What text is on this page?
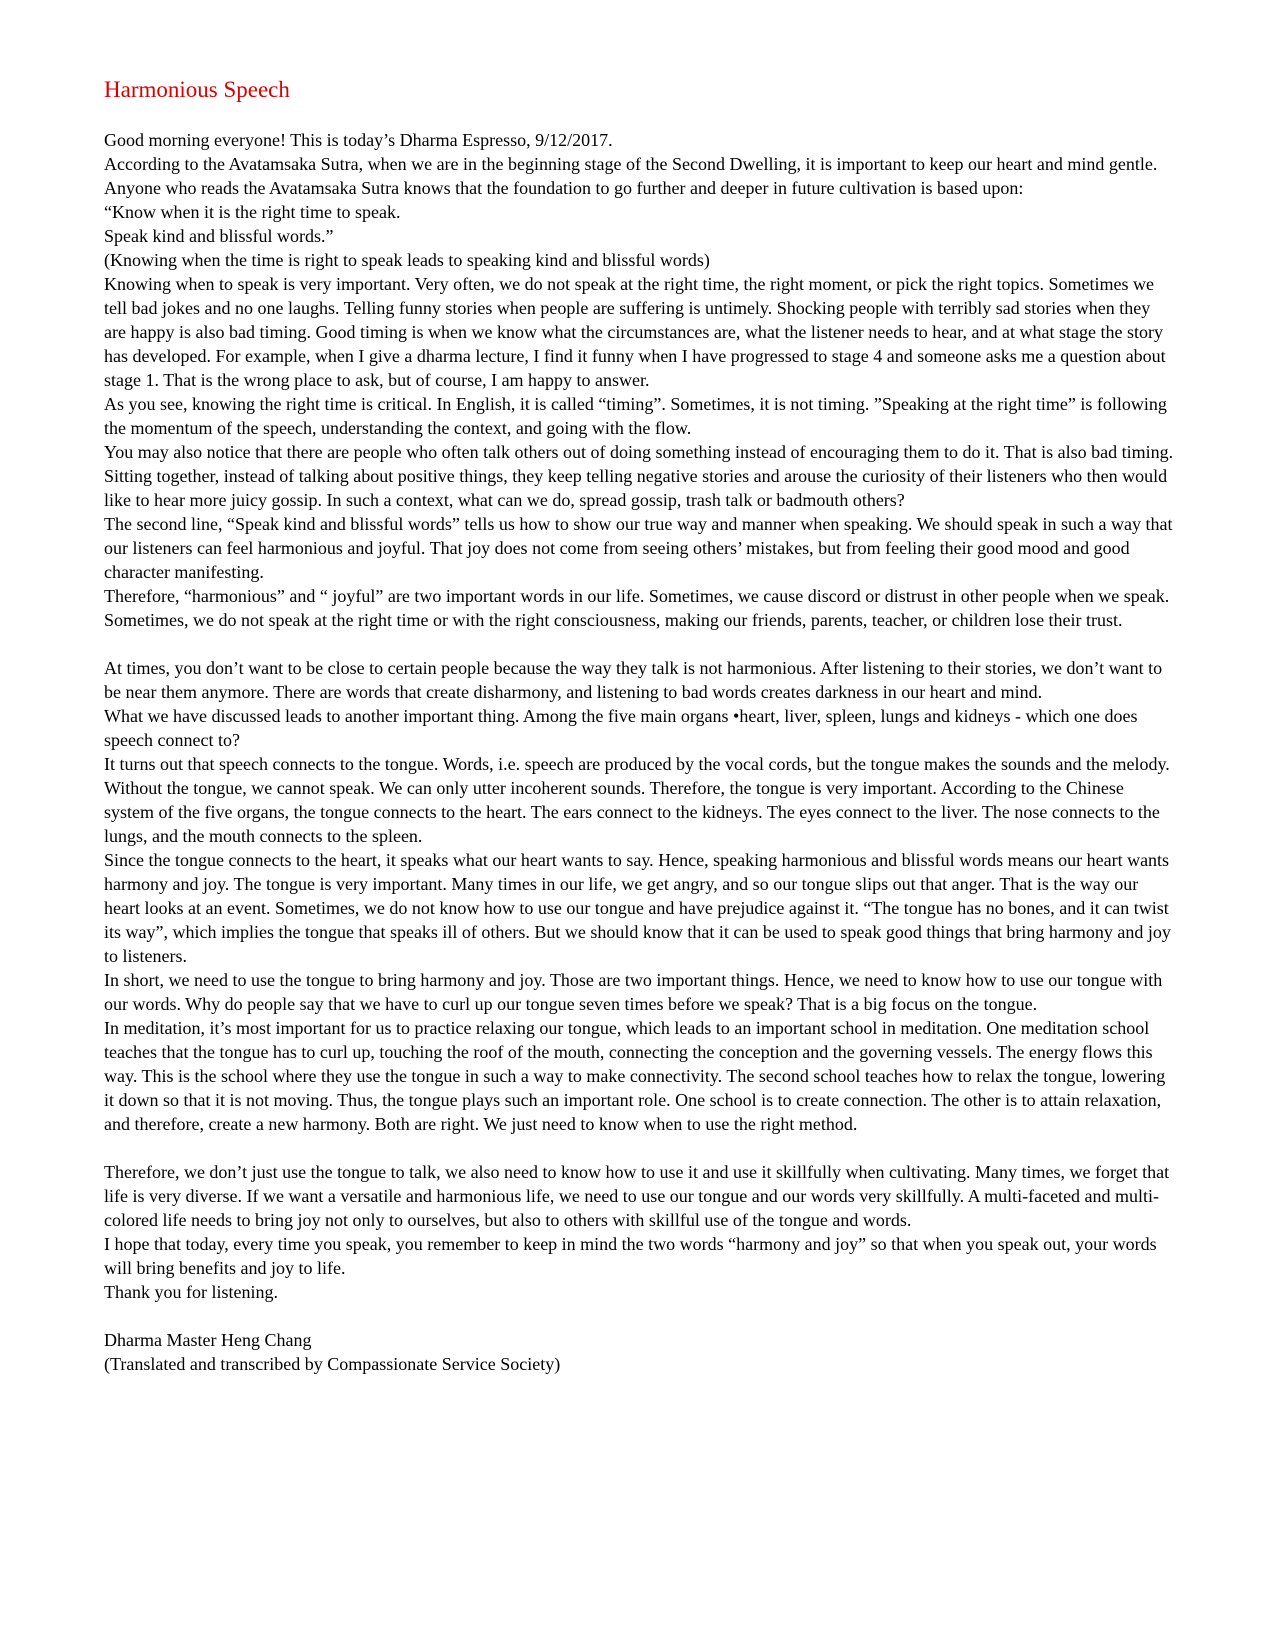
Harmonious Speech

Good morning everyone! This is today’s Dharma Espresso, 9/12/2017.

According to the Avatamsaka Sutra, when we are in the beginning stage of the Second Dwelling, it is important to keep our heart and mind gentle. Anyone who reads the Avatamsaka Sutra knows that the foundation to go further and deeper in future cultivation is based upon:

“Know when it is the right time to speak.

Speak kind and blissful words.”

(Knowing when the time is right to speak leads to speaking kind and blissful words)

Knowing when to speak is very important. Very often, we do not speak at the right time, the right moment, or pick the right topics. Sometimes we tell bad jokes and no one laughs. Telling funny stories when people are suffering is untimely. Shocking people with terribly sad stories when they are happy is also bad timing. Good timing is when we know what the circumstances are, what the listener needs to hear, and at what stage the story has developed. For example, when I give a dharma lecture, I find it funny when I have progressed to stage 4 and someone asks me a question about stage 1. That is the wrong place to ask, but of course, I am happy to answer.

As you see, knowing the right time is critical. In English, it is called “timing”. Sometimes, it is not timing. ”Speaking at the right time” is following the momentum of the speech, understanding the context, and going with the flow.

You may also notice that there are people who often talk others out of doing something instead of encouraging them to do it. That is also bad timing. Sitting together, instead of talking about positive things, they keep telling negative stories and arouse the curiosity of their listeners who then would like to hear more juicy gossip. In such a context, what can we do, spread gossip, trash talk or badmouth others?

The second line, “Speak kind and blissful words” tells us how to show our true way and manner when speaking. We should speak in such a way that our listeners can feel harmonious and joyful. That joy does not come from seeing others’ mistakes, but from feeling their good mood and good character manifesting.

Therefore, “harmonious” and “ joyful” are two important words in our life. Sometimes, we cause discord or distrust in other people when we speak. Sometimes, we do not speak at the right time or with the right consciousness, making our friends, parents, teacher, or children lose their trust.

At times, you don’t want to be close to certain people because the way they talk is not harmonious. After listening to their stories, we don’t want to be near them anymore. There are words that create disharmony, and listening to bad words creates darkness in our heart and mind.

What we have discussed leads to another important thing. Among the five main organs •heart, liver, spleen, lungs and kidneys - which one does speech connect to?

It turns out that speech connects to the tongue. Words, i.e. speech are produced by the vocal cords, but the tongue makes the sounds and the melody. Without the tongue, we cannot speak. We can only utter incoherent sounds. Therefore, the tongue is very important. According to the Chinese system of the five organs, the tongue connects to the heart. The ears connect to the kidneys. The eyes connect to the liver. The nose connects to the lungs, and the mouth connects to the spleen.

Since the tongue connects to the heart, it speaks what our heart wants to say. Hence, speaking harmonious and blissful words means our heart wants harmony and joy. The tongue is very important. Many times in our life, we get angry, and so our tongue slips out that anger. That is the way our heart looks at an event. Sometimes, we do not know how to use our tongue and have prejudice against it. “The tongue has no bones, and it can twist its way”, which implies the tongue that speaks ill of others. But we should know that it can be used to speak good things that bring harmony and joy to listeners.

In short, we need to use the tongue to bring harmony and joy. Those are two important things. Hence, we need to know how to use our tongue with our words. Why do people say that we have to curl up our tongue seven times before we speak? That is a big focus on the tongue.

In meditation, it’s most important for us to practice relaxing our tongue, which leads to an important school in meditation. One meditation school teaches that the tongue has to curl up, touching the roof of the mouth, connecting the conception and the governing vessels. The energy flows this way. This is the school where they use the tongue in such a way to make connectivity. The second school teaches how to relax the tongue, lowering it down so that it is not moving. Thus, the tongue plays such an important role. One school is to create connection. The other is to attain relaxation, and therefore, create a new harmony. Both are right. We just need to know when to use the right method.

Therefore, we don’t just use the tongue to talk, we also need to know how to use it and use it skillfully when cultivating. Many times, we forget that life is very diverse. If we want a versatile and harmonious life, we need to use our tongue and our words very skillfully. A multi-faceted and multi-colored life needs to bring joy not only to ourselves, but also to others with skillful use of the tongue and words.

I hope that today, every time you speak, you remember to keep in mind the two words “harmony and joy” so that when you speak out, your words will bring benefits and joy to life.

Thank you for listening.

Dharma Master Heng Chang

(Translated and transcribed by Compassionate Service Society)
